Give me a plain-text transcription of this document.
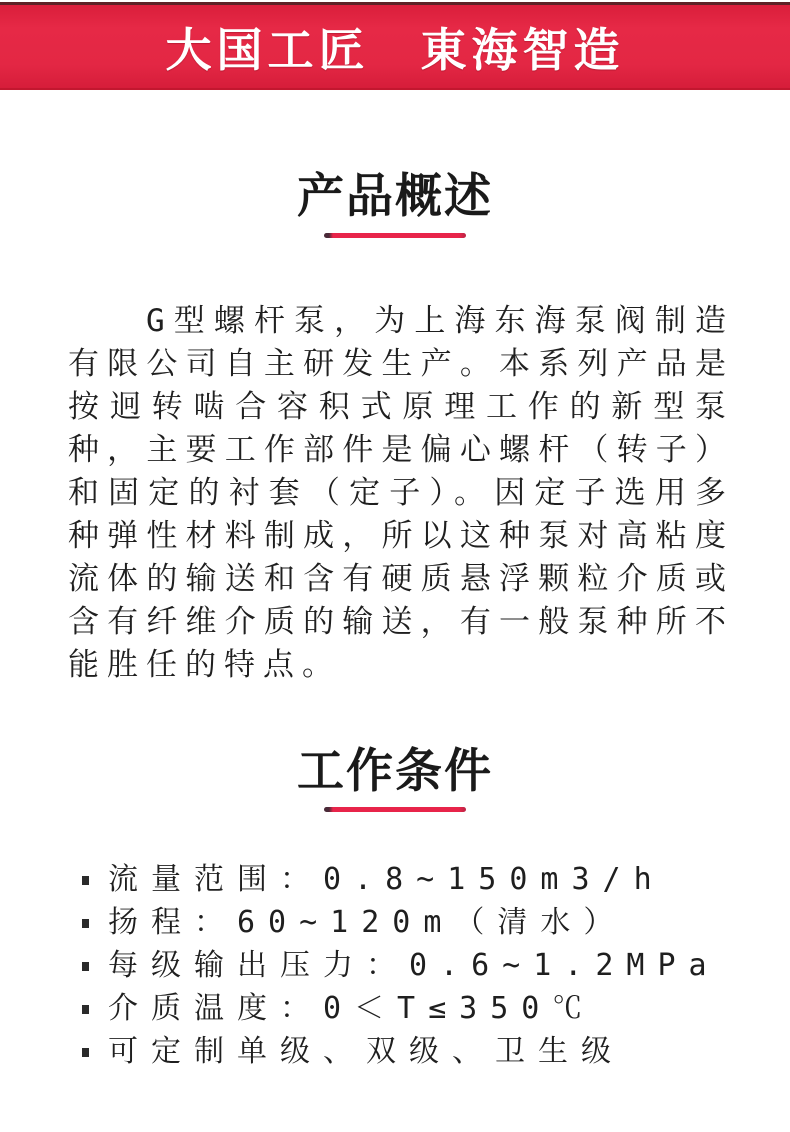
大国工匠　東海智造
产品概述

G型螺杆泵，为上海东海泵阀制造有限公司自主研发生产。本系列产品是按迥转啮合容积式原理工作的新型泵种，主要工作部件是偏心螺杆（转子）和固定的衬套（定子）。因定子选用多种弹性材料制成，所以这种泵对高粘度流体的输送和含有硬质悬浮颗粒介质或含有纤维介质的输送，有一般泵种所不能胜任的特点。

工作条件
流量范围：0.8~150m3/h
扬程：60~120m（清水）
每级输出压力：0.6~1.2MPa
介质温度：0＜T≤350℃
可定制单级、双级、卫生级
